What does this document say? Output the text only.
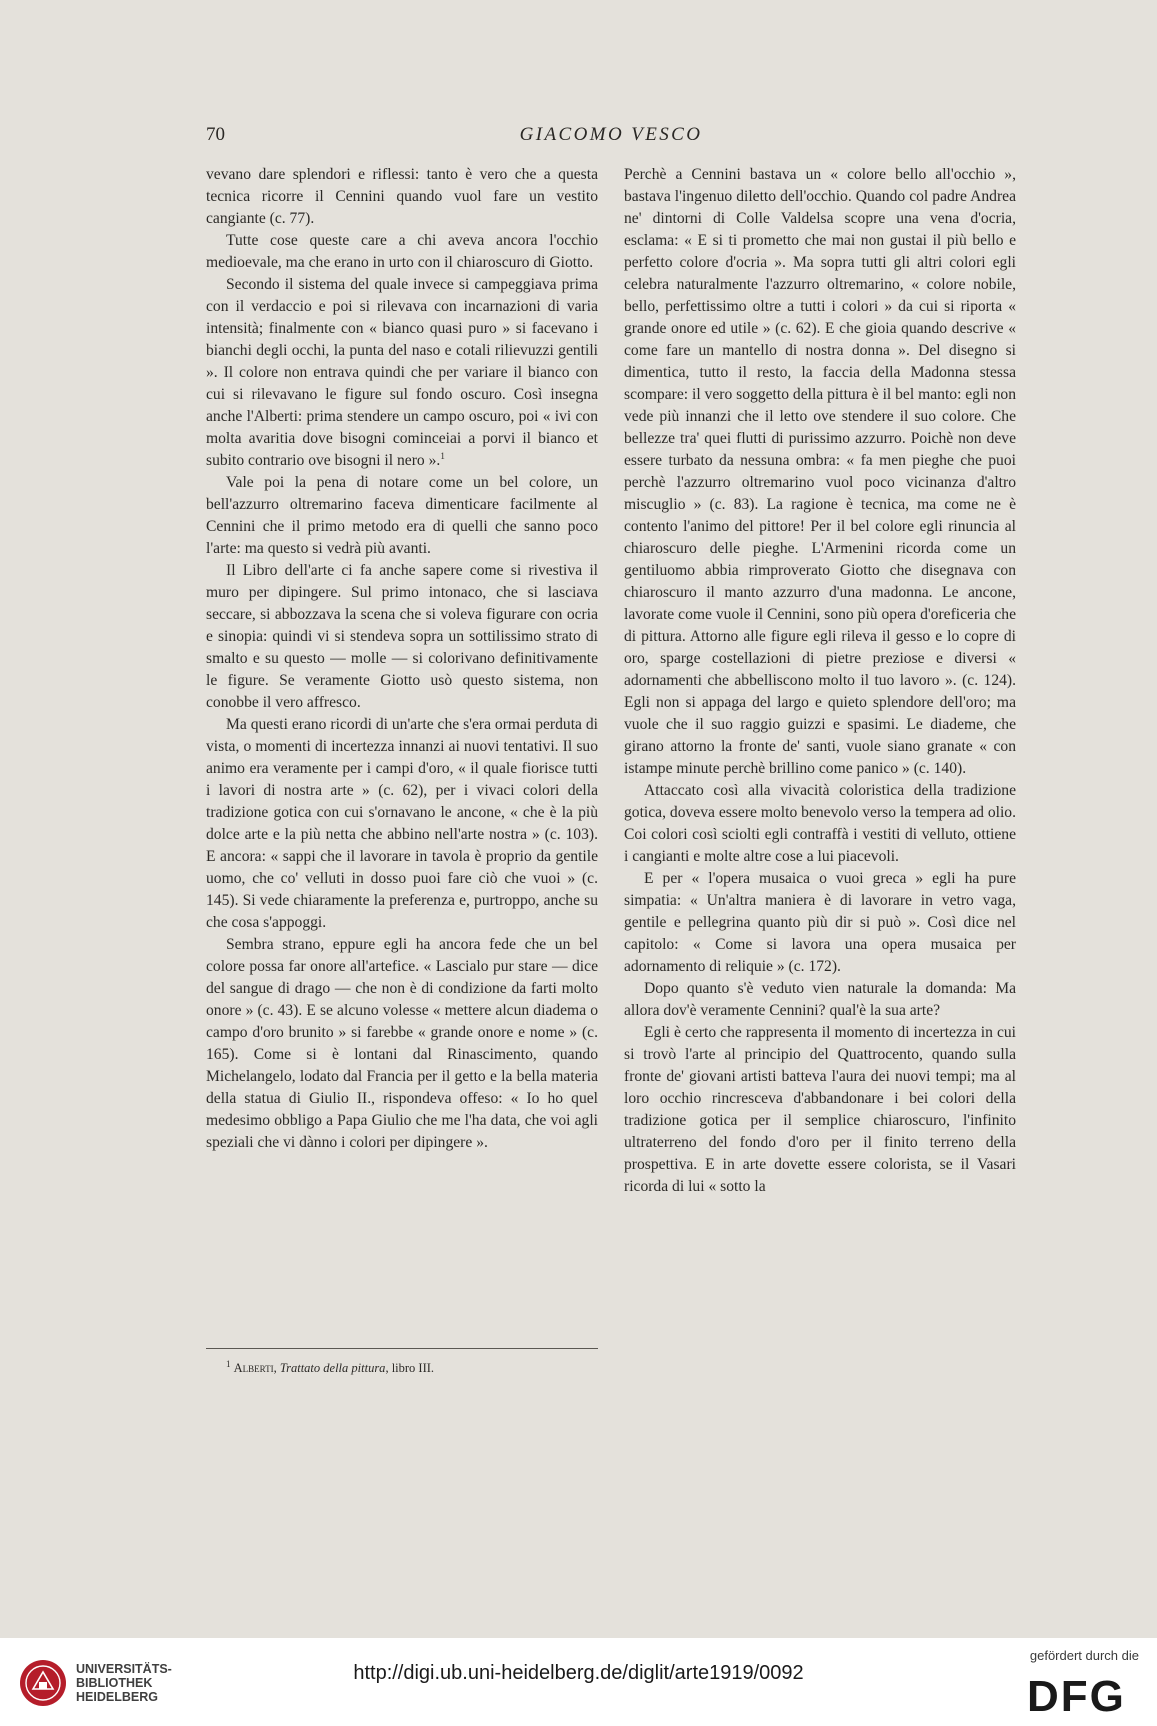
70	GIACOMO VESCO

vevano dare splendori e riflessi: tanto è vero che a questa tecnica ricorre il Cennini quando vuol fare un vestito cangiante (c. 77).

Tutte cose queste care a chi aveva ancora l'occhio medioevale, ma che erano in urto con il chiaroscuro di Giotto.

Secondo il sistema del quale invece si campeggiava prima con il verdaccio e poi si rilevava con incarnazioni di varia intensità; finalmente con « bianco quasi puro » si facevano i bianchi degli occhi, la punta del naso e cotali rilievuzzi gentili ». Il colore non entrava quindi che per variare il bianco con cui si rilevavano le figure sul fondo oscuro. Così insegna anche l'Alberti: prima stendere un campo oscuro, poi « ivi con molta avaritia dove bisogni cominceiai a porvi il bianco et subito contrario ove bisogni il nero ».$^1$

Vale poi la pena di notare come un bel colore, un bell'azzurro oltremarino faceva dimenticare facilmente al Cennini che il primo metodo era di quelli che sanno poco l'arte: ma questo si vedrà più avanti.

Il Libro dell'arte ci fa anche sapere come si rivestiva il muro per dipingere. Sul primo intonaco, che si lasciava seccare, si abbozzava la scena che si voleva figurare con ocria e sinopia: quindi vi si stendeva sopra un sottilissimo strato di smalto e su questo — molle — si colorivano definitivamente le figure. Se veramente Giotto usò questo sistema, non conobbe il vero affresco.

Ma questi erano ricordi di un'arte che s'era ormai perduta di vista, o momenti di incertezza innanzi ai nuovi tentativi. Il suo animo era veramente per i campi d'oro, « il quale fiorisce tutti i lavori di nostra arte » (c. 62), per i vivaci colori della tradizione gotica con cui s'ornavano le ancone, « che è la più dolce arte e la più netta che abbino nell'arte nostra » (c. 103). E ancora: « sappi che il lavorare in tavola è proprio da gentile uomo, che co' velluti in dosso puoi fare ciò che vuoi » (c. 145). Si vede chiaramente la preferenza e, purtroppo, anche su che cosa s'appoggi.

Sembra strano, eppure egli ha ancora fede che un bel colore possa far onore all'artefice. « Lascialo pur stare — dice del sangue di drago — che non è di condizione da farti molto onore » (c. 43). E se alcuno volesse « mettere alcun diadema o campo d'oro brunito » si farebbe « grande onore e nome » (c. 165). Come si è lontani dal Rinascimento, quando Michelangelo, lodato dal Francia per il getto e la bella materia della statua di Giulio II., rispondeva offeso: « Io ho quel medesimo obbligo a Papa Giulio che me l'ha data, che voi agli speziali che vi dànno i colori per dipingere ».

Perchè a Cennini bastava un « colore bello all'occhio », bastava l'ingenuo diletto dell'occhio. Quando col padre Andrea ne' dintorni di Colle Valdelsa scopre una vena d'ocria, esclama: « E si ti prometto che mai non gustai il più bello e perfetto colore d'ocria ». Ma sopra tutti gli altri colori egli celebra naturalmente l'azzurro oltremarino, « colore nobile, bello, perfettissimo oltre a tutti i colori » da cui si riporta « grande onore ed utile » (c. 62). E che gioia quando descrive « come fare un mantello di nostra donna ». Del disegno si dimentica, tutto il resto, la faccia della Madonna stessa scompare: il vero soggetto della pittura è il bel manto: egli non vede più innanzi che il letto ove stendere il suo colore. Che bellezze tra' quei flutti di purissimo azzurro. Poichè non deve essere turbato da nessuna ombra: « fa men pieghe che puoi perchè l'azzurro oltremarino vuol poco vicinanza d'altro miscuglio » (c. 83). La ragione è tecnica, ma come ne è contento l'animo del pittore! Per il bel colore egli rinuncia al chiaroscuro delle pieghe. L'Armenini ricorda come un gentiluomo abbia rimproverato Giotto che disegnava con chiaroscuro il manto azzurro d'una madonna. Le ancone, lavorate come vuole il Cennini, sono più opera d'oreficeria che di pittura. Attorno alle figure egli rileva il gesso e lo copre di oro, sparge costellazioni di pietre preziose e diversi « adornamenti che abbelliscono molto il tuo lavoro ». (c. 124). Egli non si appaga del largo e quieto splendore dell'oro; ma vuole che il suo raggio guizzi e spasimi. Le diademe, che girano attorno la fronte de' santi, vuole siano granate « con istampe minute perchè brillino come panico » (c. 140).

Attaccato così alla vivacità coloristica della tradizione gotica, doveva essere molto benevolo verso la tempera ad olio. Coi colori così sciolti egli contraffà i vestiti di velluto, ottiene i cangianti e molte altre cose a lui piacevoli.

E per « l'opera musaica o vuoi greca » egli ha pure simpatia: « Un'altra maniera è di lavorare in vetro vaga, gentile e pellegrina quanto più dir si può ». Così dice nel capitolo: « Come si lavora una opera musaica per adornamento di reliquie » (c. 172).

Dopo quanto s'è veduto vien naturale la domanda: Ma allora dov'è veramente Cennini? qual'è la sua arte?

Egli è certo che rappresenta il momento di incertezza in cui si trovò l'arte al principio del Quattrocento, quando sulla fronte de' giovani artisti batteva l'aura dei nuovi tempi; ma al loro occhio rincresceva d'abbandonare i bei colori della tradizione gotica per il semplice chiaroscuro, l'infinito ultraterreno del fondo d'oro per il finito terreno della prospettiva. E in arte dovette essere colorista, se il Vasari ricorda di lui « sotto la

$^1$ Alberti, Trattato della pittura, libro III.
UNIVERSITÄTS-
BIBLIOTHEK
HEIDELBERG
http://digi.ub.uni-heidelberg.de/diglit/arte1919/0092
gefördert durch die
DFG
